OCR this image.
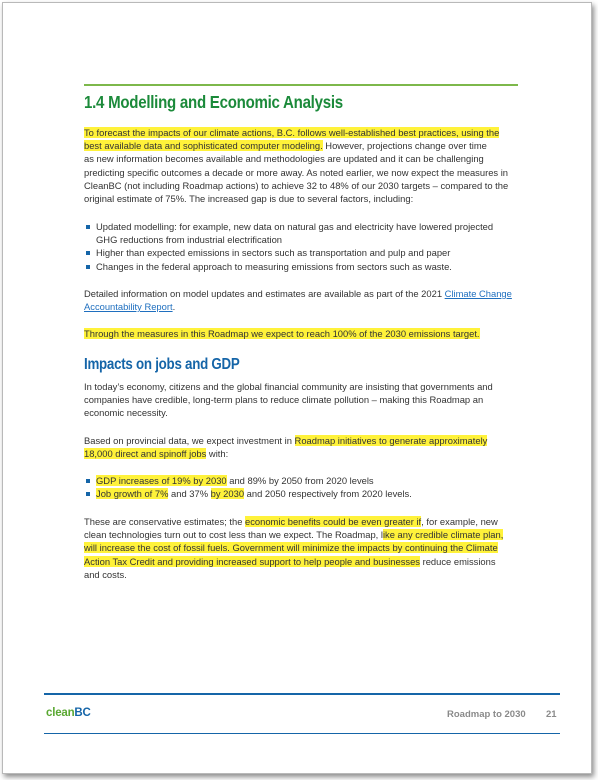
1.4 Modelling and Economic Analysis
To forecast the impacts of our climate actions, B.C. follows well-established best practices, using the
best available data and sophisticated computer modeling. However, projections change over time
as new information becomes available and methodologies are updated and it can be challenging
predicting specific outcomes a decade or more away. As noted earlier, we now expect the measures in
CleanBC (not including Roadmap actions) to achieve 32 to 48% of our 2030 targets – compared to the
original estimate of 75%. The increased gap is due to several factors, including:
Updated modelling: for example, new data on natural gas and electricity have lowered projected
GHG reductions from industrial electrification
Higher than expected emissions in sectors such as transportation and pulp and paper
Changes in the federal approach to measuring emissions from sectors such as waste.
Detailed information on model updates and estimates are available as part of the 2021 Climate Change
Accountability Report.
Through the measures in this Roadmap we expect to reach 100% of the 2030 emissions target.
Impacts on jobs and GDP
In today’s economy, citizens and the global financial community are insisting that governments and
companies have credible, long-term plans to reduce climate pollution – making this Roadmap an
economic necessity.
Based on provincial data, we expect investment in Roadmap initiatives to generate approximately
18,000 direct and spinoff jobs with:
GDP increases of 19% by 2030 and 89% by 2050 from 2020 levels
Job growth of 7% and 37% by 2030 and 2050 respectively from 2020 levels.
These are conservative estimates; the economic benefits could be even greater if, for example, new
clean technologies turn out to cost less than we expect. The Roadmap, like any credible climate plan,
will increase the cost of fossil fuels. Government will minimize the impacts by continuing the Climate
Action Tax Credit and providing increased support to help people and businesses reduce emissions
and costs.
cleanBC	Roadmap to 2030 21
